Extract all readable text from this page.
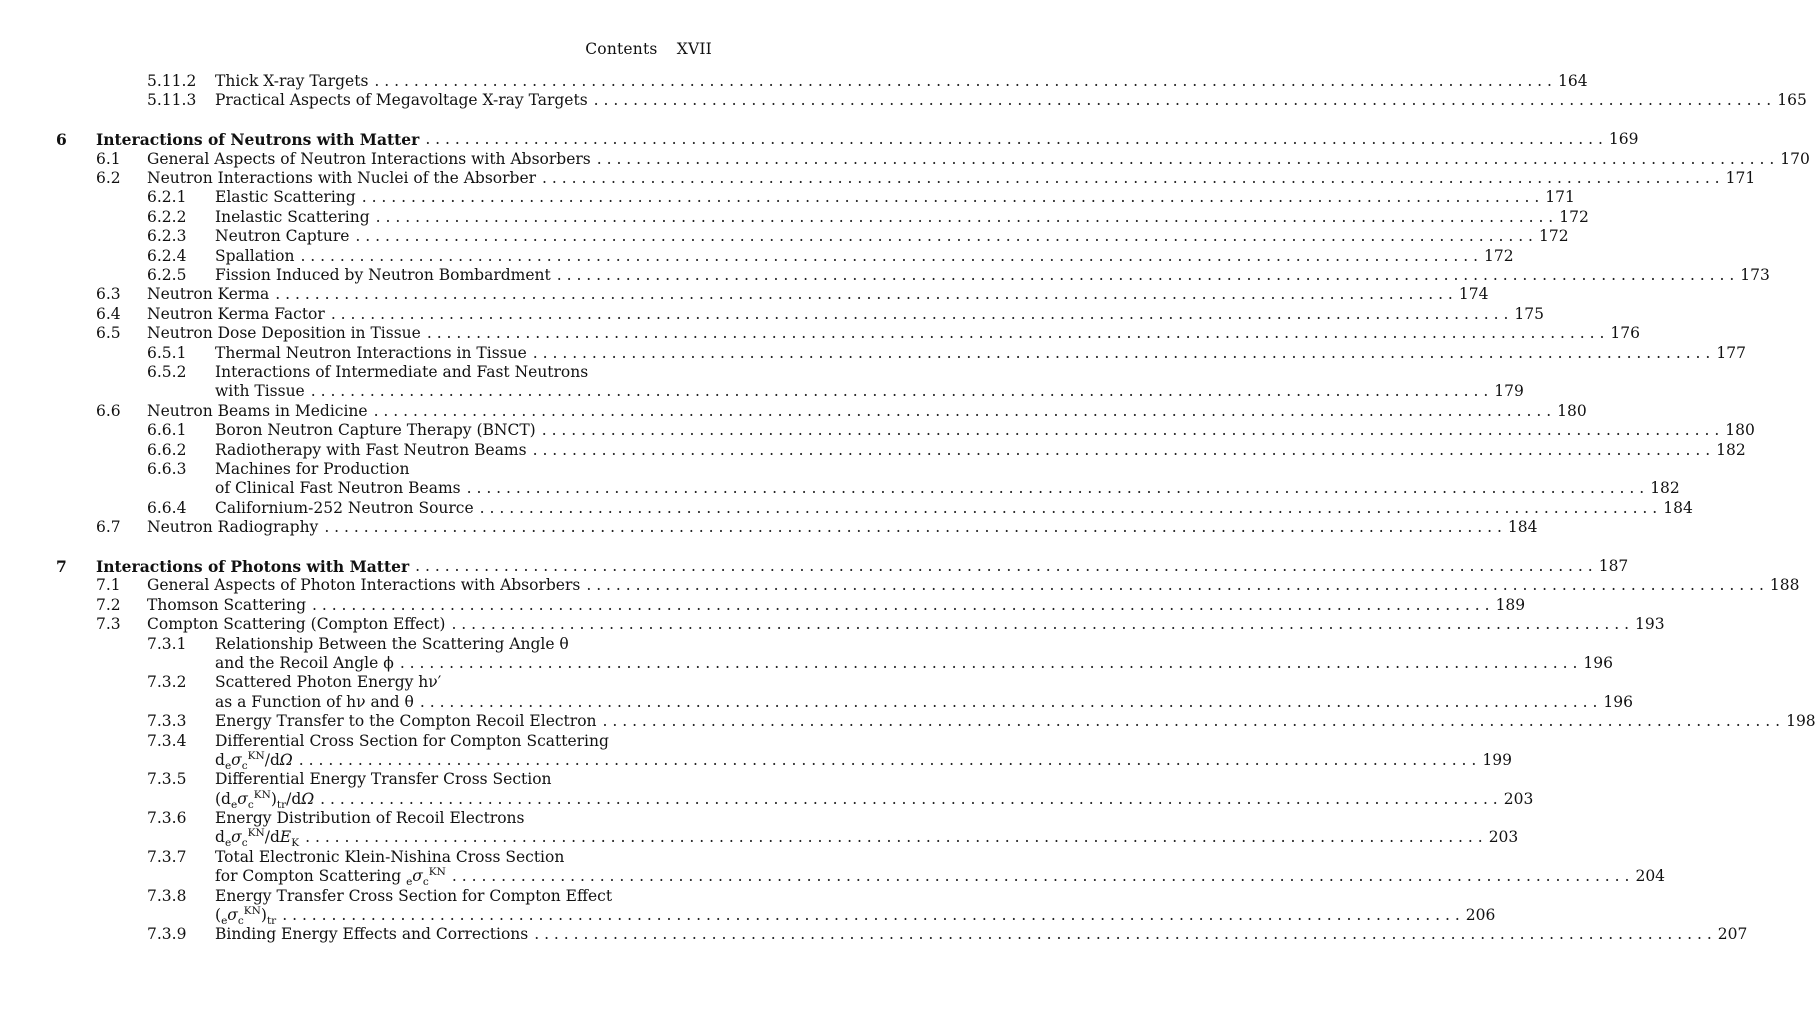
Contents XVII
5.11.2 Thick X-ray Targets . . . . . . . . . . . . . . . . . . . . . . . . . . . . . . . . . . . . . . . . . . . . . . . . . . . . . . . . . . . . . . . . . . . . . . . . . . . . . . . . . . . . . . . . . . . . . . . . . . . . . . . . . . . . . . . . . . . . . . . . 164
5.11.3 Practical Aspects of Megavoltage X-ray Targets . . . . . . . . . . . . . . . . . . . . . . . . . . . . . . . . . . . . . . . . . . . . . . . . . . . . . . . . . . . . . . . . . . . . . . . . . . . . . . . . . . . . . . . . . . . . . . . . . . . . . . . . . . . . . . . . . . . . . . . . 165
6 Interactions of Neutrons with Matter . . . . . . . . . . . . . . . . . . . . . . . . . . . . . . . . . . . . . . . . . . . . . . . . . . . . . . . . . . . . . . . . . . . . . . . . . . . . . . . . . . . . . . . . . . . . . . . . . . . . . . . . . . . . . . . . . . . . . . . . 169
6.1 General Aspects of Neutron Interactions with Absorbers . . . . . . . . . . . . . . . . . . . . . . . . . . . . . . . . . . . . . . . . . . . . . . . . . . . . . . . . . . . . . . . . . . . . . . . . . . . . . . . . . . . . . . . . . . . . . . . . . . . . . . . . . . . . . . . . . . . . . . . . 170
6.2 Neutron Interactions with Nuclei of the Absorber . . . . . . . . . . . . . . . . . . . . . . . . . . . . . . . . . . . . . . . . . . . . . . . . . . . . . . . . . . . . . . . . . . . . . . . . . . . . . . . . . . . . . . . . . . . . . . . . . . . . . . . . . . . . . . . . . . . . . . . . 171
6.2.1 Elastic Scattering . . . . . . . . . . . . . . . . . . . . . . . . . . . . . . . . . . . . . . . . . . . . . . . . . . . . . . . . . . . . . . . . . . . . . . . . . . . . . . . . . . . . . . . . . . . . . . . . . . . . . . . . . . . . . . . . . . . . . . . . 171
6.2.2 Inelastic Scattering . . . . . . . . . . . . . . . . . . . . . . . . . . . . . . . . . . . . . . . . . . . . . . . . . . . . . . . . . . . . . . . . . . . . . . . . . . . . . . . . . . . . . . . . . . . . . . . . . . . . . . . . . . . . . . . . . . . . . . . . 172
6.2.3 Neutron Capture . . . . . . . . . . . . . . . . . . . . . . . . . . . . . . . . . . . . . . . . . . . . . . . . . . . . . . . . . . . . . . . . . . . . . . . . . . . . . . . . . . . . . . . . . . . . . . . . . . . . . . . . . . . . . . . . . . . . . . . . 172
6.2.4 Spallation . . . . . . . . . . . . . . . . . . . . . . . . . . . . . . . . . . . . . . . . . . . . . . . . . . . . . . . . . . . . . . . . . . . . . . . . . . . . . . . . . . . . . . . . . . . . . . . . . . . . . . . . . . . . . . . . . . . . . . . . 172
6.2.5 Fission Induced by Neutron Bombardment . . . . . . . . . . . . . . . . . . . . . . . . . . . . . . . . . . . . . . . . . . . . . . . . . . . . . . . . . . . . . . . . . . . . . . . . . . . . . . . . . . . . . . . . . . . . . . . . . . . . . . . . . . . . . . . . . . . . . . . . 173
6.3 Neutron Kerma . . . . . . . . . . . . . . . . . . . . . . . . . . . . . . . . . . . . . . . . . . . . . . . . . . . . . . . . . . . . . . . . . . . . . . . . . . . . . . . . . . . . . . . . . . . . . . . . . . . . . . . . . . . . . . . . . . . . . . . . 174
6.4 Neutron Kerma Factor . . . . . . . . . . . . . . . . . . . . . . . . . . . . . . . . . . . . . . . . . . . . . . . . . . . . . . . . . . . . . . . . . . . . . . . . . . . . . . . . . . . . . . . . . . . . . . . . . . . . . . . . . . . . . . . . . . . . . . . . 175
6.5 Neutron Dose Deposition in Tissue . . . . . . . . . . . . . . . . . . . . . . . . . . . . . . . . . . . . . . . . . . . . . . . . . . . . . . . . . . . . . . . . . . . . . . . . . . . . . . . . . . . . . . . . . . . . . . . . . . . . . . . . . . . . . . . . . . . . . . . . 176
6.5.1 Thermal Neutron Interactions in Tissue . . . . . . . . . . . . . . . . . . . . . . . . . . . . . . . . . . . . . . . . . . . . . . . . . . . . . . . . . . . . . . . . . . . . . . . . . . . . . . . . . . . . . . . . . . . . . . . . . . . . . . . . . . . . . . . . . . . . . . . . 177
6.5.2 Interactions of Intermediate and Fast Neutrons
with Tissue . . . . . . . . . . . . . . . . . . . . . . . . . . . . . . . . . . . . . . . . . . . . . . . . . . . . . . . . . . . . . . . . . . . . . . . . . . . . . . . . . . . . . . . . . . . . . . . . . . . . . . . . . . . . . . . . . . . . . . . . 179
6.6 Neutron Beams in Medicine . . . . . . . . . . . . . . . . . . . . . . . . . . . . . . . . . . . . . . . . . . . . . . . . . . . . . . . . . . . . . . . . . . . . . . . . . . . . . . . . . . . . . . . . . . . . . . . . . . . . . . . . . . . . . . . . . . . . . . . . 180
6.6.1 Boron Neutron Capture Therapy (BNCT) . . . . . . . . . . . . . . . . . . . . . . . . . . . . . . . . . . . . . . . . . . . . . . . . . . . . . . . . . . . . . . . . . . . . . . . . . . . . . . . . . . . . . . . . . . . . . . . . . . . . . . . . . . . . . . . . . . . . . . . . 180
6.6.2 Radiotherapy with Fast Neutron Beams . . . . . . . . . . . . . . . . . . . . . . . . . . . . . . . . . . . . . . . . . . . . . . . . . . . . . . . . . . . . . . . . . . . . . . . . . . . . . . . . . . . . . . . . . . . . . . . . . . . . . . . . . . . . . . . . . . . . . . . . 182
6.6.3 Machines for Production
of Clinical Fast Neutron Beams . . . . . . . . . . . . . . . . . . . . . . . . . . . . . . . . . . . . . . . . . . . . . . . . . . . . . . . . . . . . . . . . . . . . . . . . . . . . . . . . . . . . . . . . . . . . . . . . . . . . . . . . . . . . . . . . . . . . . . . . 182
6.6.4 Californium-252 Neutron Source . . . . . . . . . . . . . . . . . . . . . . . . . . . . . . . . . . . . . . . . . . . . . . . . . . . . . . . . . . . . . . . . . . . . . . . . . . . . . . . . . . . . . . . . . . . . . . . . . . . . . . . . . . . . . . . . . . . . . . . . 184
6.7 Neutron Radiography . . . . . . . . . . . . . . . . . . . . . . . . . . . . . . . . . . . . . . . . . . . . . . . . . . . . . . . . . . . . . . . . . . . . . . . . . . . . . . . . . . . . . . . . . . . . . . . . . . . . . . . . . . . . . . . . . . . . . . . . 184
7 Interactions of Photons with Matter . . . . . . . . . . . . . . . . . . . . . . . . . . . . . . . . . . . . . . . . . . . . . . . . . . . . . . . . . . . . . . . . . . . . . . . . . . . . . . . . . . . . . . . . . . . . . . . . . . . . . . . . . . . . . . . . . . . . . . . . 187
7.1 General Aspects of Photon Interactions with Absorbers . . . . . . . . . . . . . . . . . . . . . . . . . . . . . . . . . . . . . . . . . . . . . . . . . . . . . . . . . . . . . . . . . . . . . . . . . . . . . . . . . . . . . . . . . . . . . . . . . . . . . . . . . . . . . . . . . . . . . . . . 188
7.2 Thomson Scattering . . . . . . . . . . . . . . . . . . . . . . . . . . . . . . . . . . . . . . . . . . . . . . . . . . . . . . . . . . . . . . . . . . . . . . . . . . . . . . . . . . . . . . . . . . . . . . . . . . . . . . . . . . . . . . . . . . . . . . . . 189
7.3 Compton Scattering (Compton Effect) . . . . . . . . . . . . . . . . . . . . . . . . . . . . . . . . . . . . . . . . . . . . . . . . . . . . . . . . . . . . . . . . . . . . . . . . . . . . . . . . . . . . . . . . . . . . . . . . . . . . . . . . . . . . . . . . . . . . . . . . 193
7.3.1 Relationship Between the Scattering Angle θ
and the Recoil Angle ϕ . . . . . . . . . . . . . . . . . . . . . . . . . . . . . . . . . . . . . . . . . . . . . . . . . . . . . . . . . . . . . . . . . . . . . . . . . . . . . . . . . . . . . . . . . . . . . . . . . . . . . . . . . . . . . . . . . . . . . . . . 196
7.3.2 Scattered Photon Energy hν′
as a Function of hν and θ . . . . . . . . . . . . . . . . . . . . . . . . . . . . . . . . . . . . . . . . . . . . . . . . . . . . . . . . . . . . . . . . . . . . . . . . . . . . . . . . . . . . . . . . . . . . . . . . . . . . . . . . . . . . . . . . . . . . . . . . 196
7.3.3 Energy Transfer to the Compton Recoil Electron . . . . . . . . . . . . . . . . . . . . . . . . . . . . . . . . . . . . . . . . . . . . . . . . . . . . . . . . . . . . . . . . . . . . . . . . . . . . . . . . . . . . . . . . . . . . . . . . . . . . . . . . . . . . . . . . . . . . . . . . 198
7.3.4 Differential Cross Section for Compton Scattering
$d_e\sigma_c^{KN}/d\Omega$ . . . . . . . . . . . . . . . . . . . . . . . . . . . . . . . . . . . . . . . . . . . . . . . . . . . . . . . . . . . . . . . . . . . . . . . . . . . . . . . . . . . . . . . . . . . . . . . . . . . . . . . . . . . . . . . . . . . . . . . . 199
7.3.5 Differential Energy Transfer Cross Section
$(d_e\sigma_c^{KN})_{tr}/d\Omega$ . . . . . . . . . . . . . . . . . . . . . . . . . . . . . . . . . . . . . . . . . . . . . . . . . . . . . . . . . . . . . . . . . . . . . . . . . . . . . . . . . . . . . . . . . . . . . . . . . . . . . . . . . . . . . . . . . . . . . . . . 203
7.3.6 Energy Distribution of Recoil Electrons
$d_e\sigma_c^{KN}/dE_K$ . . . . . . . . . . . . . . . . . . . . . . . . . . . . . . . . . . . . . . . . . . . . . . . . . . . . . . . . . . . . . . . . . . . . . . . . . . . . . . . . . . . . . . . . . . . . . . . . . . . . . . . . . . . . . . . . . . . . . . . . 203
7.3.7 Total Electronic Klein-Nishina Cross Section
for Compton Scattering $_e\sigma_c^{KN}$ . . . . . . . . . . . . . . . . . . . . . . . . . . . . . . . . . . . . . . . . . . . . . . . . . . . . . . . . . . . . . . . . . . . . . . . . . . . . . . . . . . . . . . . . . . . . . . . . . . . . . . . . . . . . . . . . . . . . . . . . 204
7.3.8 Energy Transfer Cross Section for Compton Effect
$(_e\sigma_c^{KN})_{tr}$ . . . . . . . . . . . . . . . . . . . . . . . . . . . . . . . . . . . . . . . . . . . . . . . . . . . . . . . . . . . . . . . . . . . . . . . . . . . . . . . . . . . . . . . . . . . . . . . . . . . . . . . . . . . . . . . . . . . . . . . . 206
7.3.9 Binding Energy Effects and Corrections . . . . . . . . . . . . . . . . . . . . . . . . . . . . . . . . . . . . . . . . . . . . . . . . . . . . . . . . . . . . . . . . . . . . . . . . . . . . . . . . . . . . . . . . . . . . . . . . . . . . . . . . . . . . . . . . . . . . . . . . 207
